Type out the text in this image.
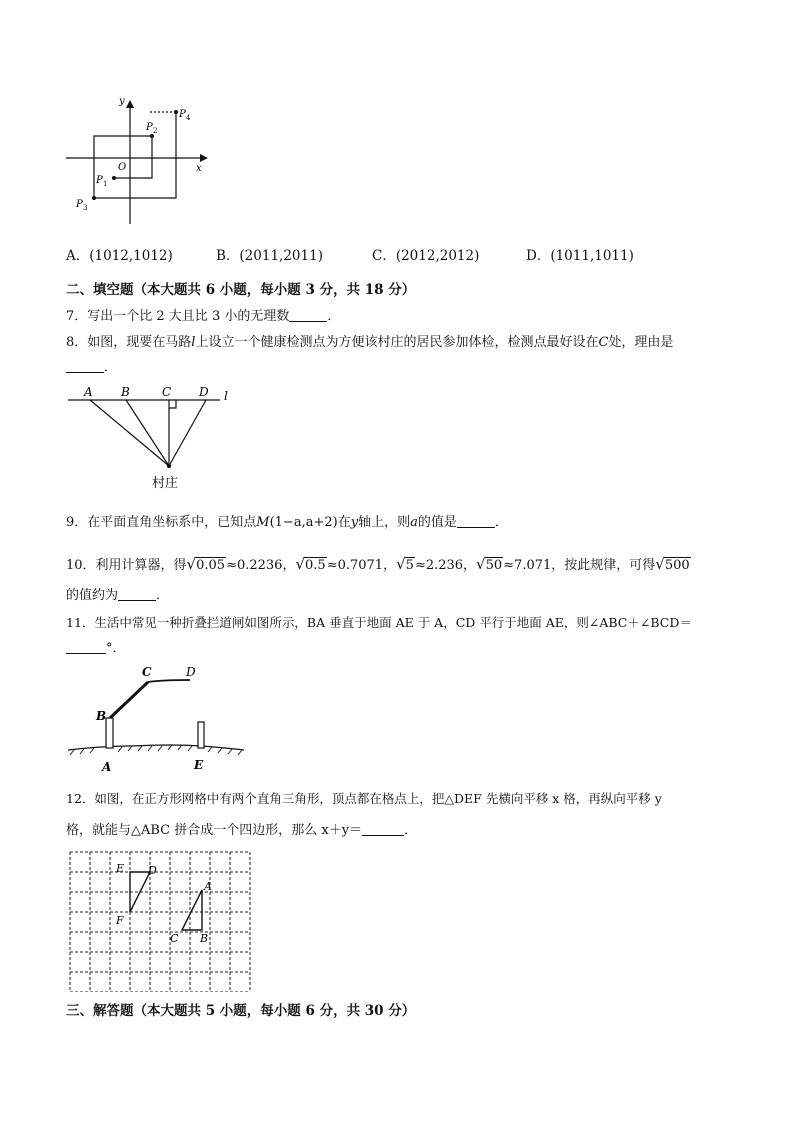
y
x
O
P 1
P 2
P 3
P 4
A．(1012,1012)	B．(2011,2011)	C．(2012,2012)	D．(1011,1011)
二、填空题（本大题共 6 小题，每小题 3 分，共 18 分）
7．写出一个比 2 大且比 3 小的无理数	．
8．如图，现要在马路l上设立一个健康检测点为方便该村庄的居民参加体检，检测点最好设在C处，理由是
．
A B	C D l
村庄
9．在平面直角坐标系中，已知点M(1−a,a+2)在y轴上，则a的值是	．
10．利用计算器，得√0.05≈0.2236，√0.5≈0.7071，√5≈2.236，√50≈7.071，按此规律，可得√500
的值约为	．
11．生活中常见一种折叠拦道闸如图所示，BA 垂直于地面 AE 于 A，CD 平行于地面 AE，则∠ABC＋∠BCD＝
°．
B
C	D
A	E
12．如图，在正方形网格中有两个直角三角形，顶点都在格点上，把△DEF 先横向平移 x 格，再纵向平移 y
格，就能与△ABC 拼合成一个四边形，那么 x＋y＝	．
E D
F
A
C B
三、解答题（本大题共 5 小题，每小题 6 分，共 30 分）
